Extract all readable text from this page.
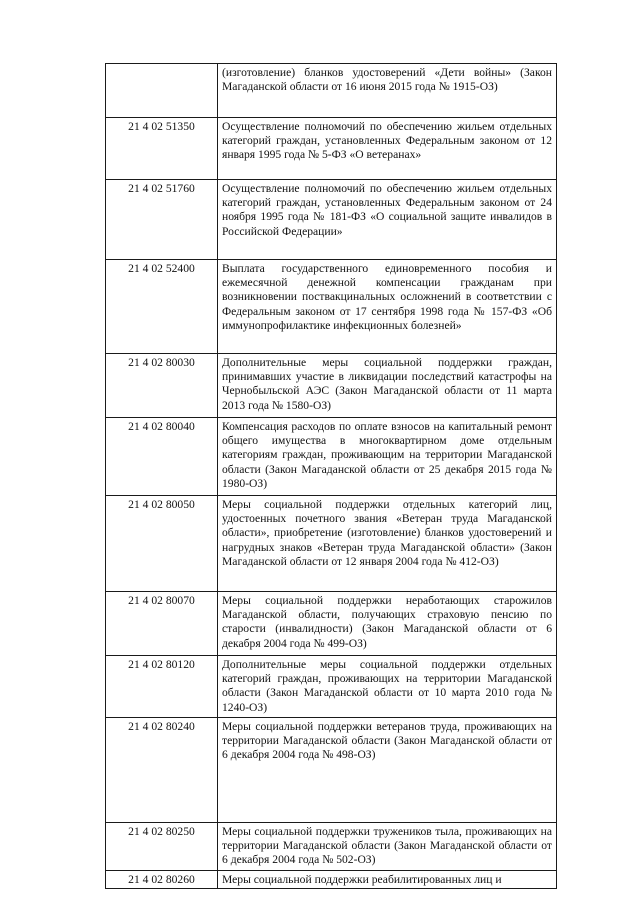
	(изготовление) бланков удостоверений «Дети войны» (Закон Магаданской области от 16 июня 2015 года № 1915-ОЗ)
21 4 02 51350	Осуществление полномочий по обеспечению жильем отдельных категорий граждан, установленных Федеральным законом от 12 января 1995 года № 5-ФЗ «О ветеранах»
21 4 02 51760	Осуществление полномочий по обеспечению жильем отдельных категорий граждан, установленных Федеральным законом от 24 ноября 1995 года № 181-ФЗ «О социальной защите инвалидов в Российской Федерации»
21 4 02 52400	Выплата государственного единовременного пособия и ежемесячной денежной компенсации гражданам при возникновении поствакцинальных осложнений в соответствии с Федеральным законом от 17 сентября 1998 года № 157-ФЗ «Об иммунопрофилактике инфекционных болезней»
21 4 02 80030	Дополнительные меры социальной поддержки граждан, принимавших участие в ликвидации последствий катастрофы на Чернобыльской АЭС (Закон Магаданской области от 11 марта 2013 года № 1580-ОЗ)
21 4 02 80040	Компенсация расходов по оплате взносов на капитальный ремонт общего имущества в многоквартирном доме отдельным категориям граждан, проживающим на территории Магаданской области (Закон Магаданской области от 25 декабря 2015 года № 1980-ОЗ)
21 4 02 80050	Меры социальной поддержки отдельных категорий лиц, удостоенных почетного звания «Ветеран труда Магаданской области», приобретение (изготовление) бланков удостоверений и нагрудных знаков «Ветеран труда Магаданской области» (Закон Магаданской области от 12 января 2004 года № 412-ОЗ)
21 4 02 80070	Меры социальной поддержки неработающих старожилов Магаданской области, получающих страховую пенсию по старости (инвалидности) (Закон Магаданской области от 6 декабря 2004 года № 499-ОЗ)
21 4 02 80120	Дополнительные меры социальной поддержки отдельных категорий граждан, проживающих на территории Магаданской области (Закон Магаданской области от 10 марта 2010 года № 1240-ОЗ)
21 4 02 80240	Меры социальной поддержки ветеранов труда, проживающих на территории Магаданской области (Закон Магаданской области от 6 декабря 2004 года № 498-ОЗ)
21 4 02 80250	Меры социальной поддержки тружеников тыла, проживающих на территории Магаданской области (Закон Магаданской области от 6 декабря 2004 года № 502-ОЗ)
21 4 02 80260	Меры социальной поддержки реабилитированных лиц и
